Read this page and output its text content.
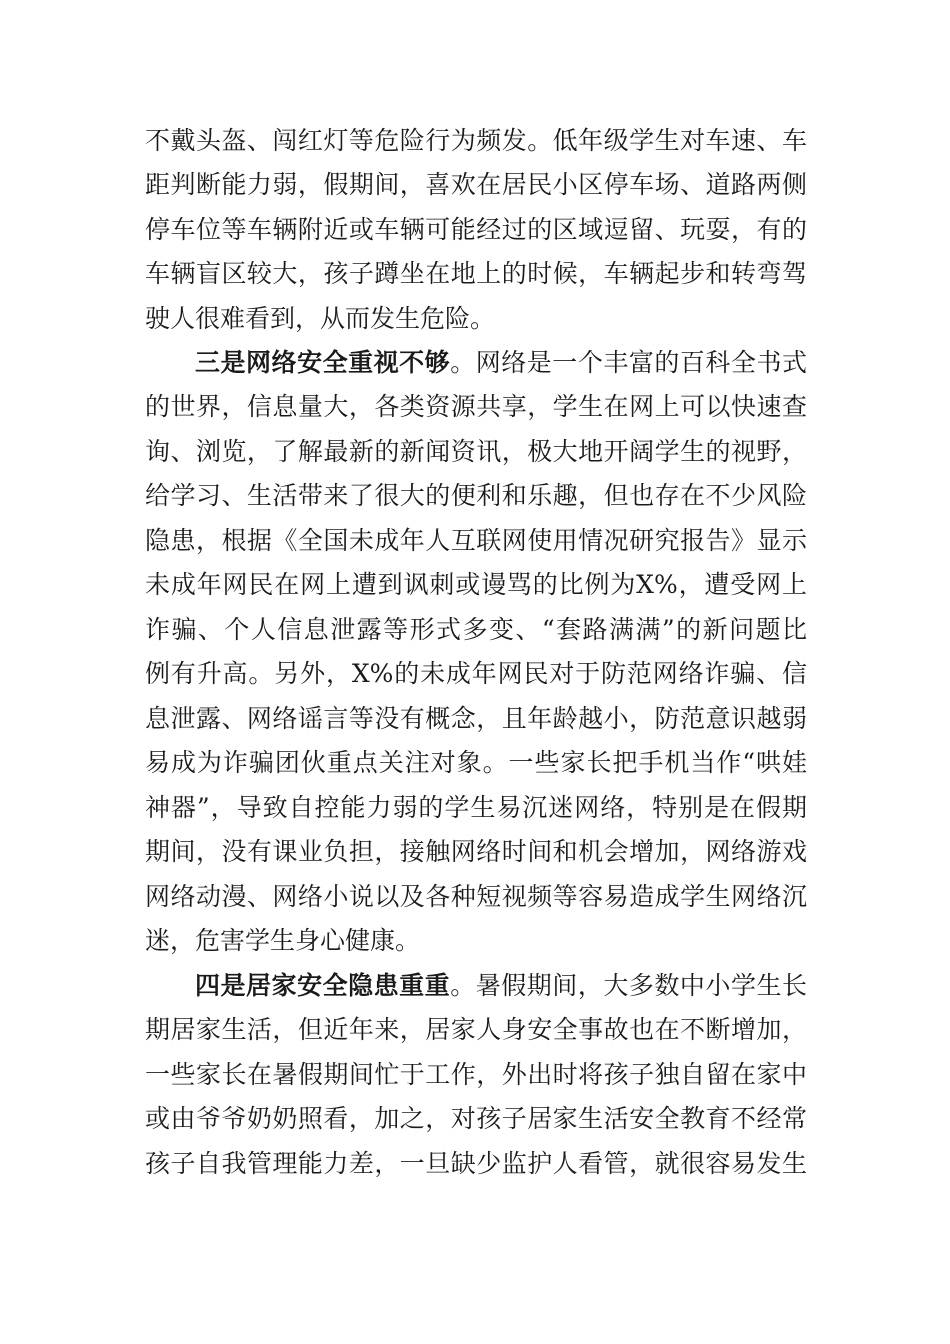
不戴头盔、闯红灯等危险行为频发。低年级学生对车速、车
距判断能力弱，假期间，喜欢在居民小区停车场、道路两侧
停车位等车辆附近或车辆可能经过的区域逗留、玩耍，有的
车辆盲区较大，孩子蹲坐在地上的时候，车辆起步和转弯驾
驶人很难看到，从而发生危险。
三是网络安全重视不够。网络是一个丰富的百科全书式
的世界，信息量大，各类资源共享，学生在网上可以快速查
询、浏览，了解最新的新闻资讯，极大地开阔学生的视野，
给学习、生活带来了很大的便利和乐趣，但也存在不少风险
隐患，根据《全国未成年人互联网使用情况研究报告》显示
未成年网民在网上遭到讽刺或谩骂的比例为X%，遭受网上
诈骗、个人信息泄露等形式多变、“套路满满”的新问题比
例有升高。另外，X%的未成年网民对于防范网络诈骗、信
息泄露、网络谣言等没有概念，且年龄越小，防范意识越弱
易成为诈骗团伙重点关注对象。一些家长把手机当作“哄娃
神器”，导致自控能力弱的学生易沉迷网络，特别是在假期
期间，没有课业负担，接触网络时间和机会增加，网络游戏
网络动漫、网络小说以及各种短视频等容易造成学生网络沉
迷，危害学生身心健康。
四是居家安全隐患重重。暑假期间，大多数中小学生长
期居家生活，但近年来，居家人身安全事故也在不断增加，
一些家长在暑假期间忙于工作，外出时将孩子独自留在家中
或由爷爷奶奶照看，加之，对孩子居家生活安全教育不经常
孩子自我管理能力差，一旦缺少监护人看管，就很容易发生
